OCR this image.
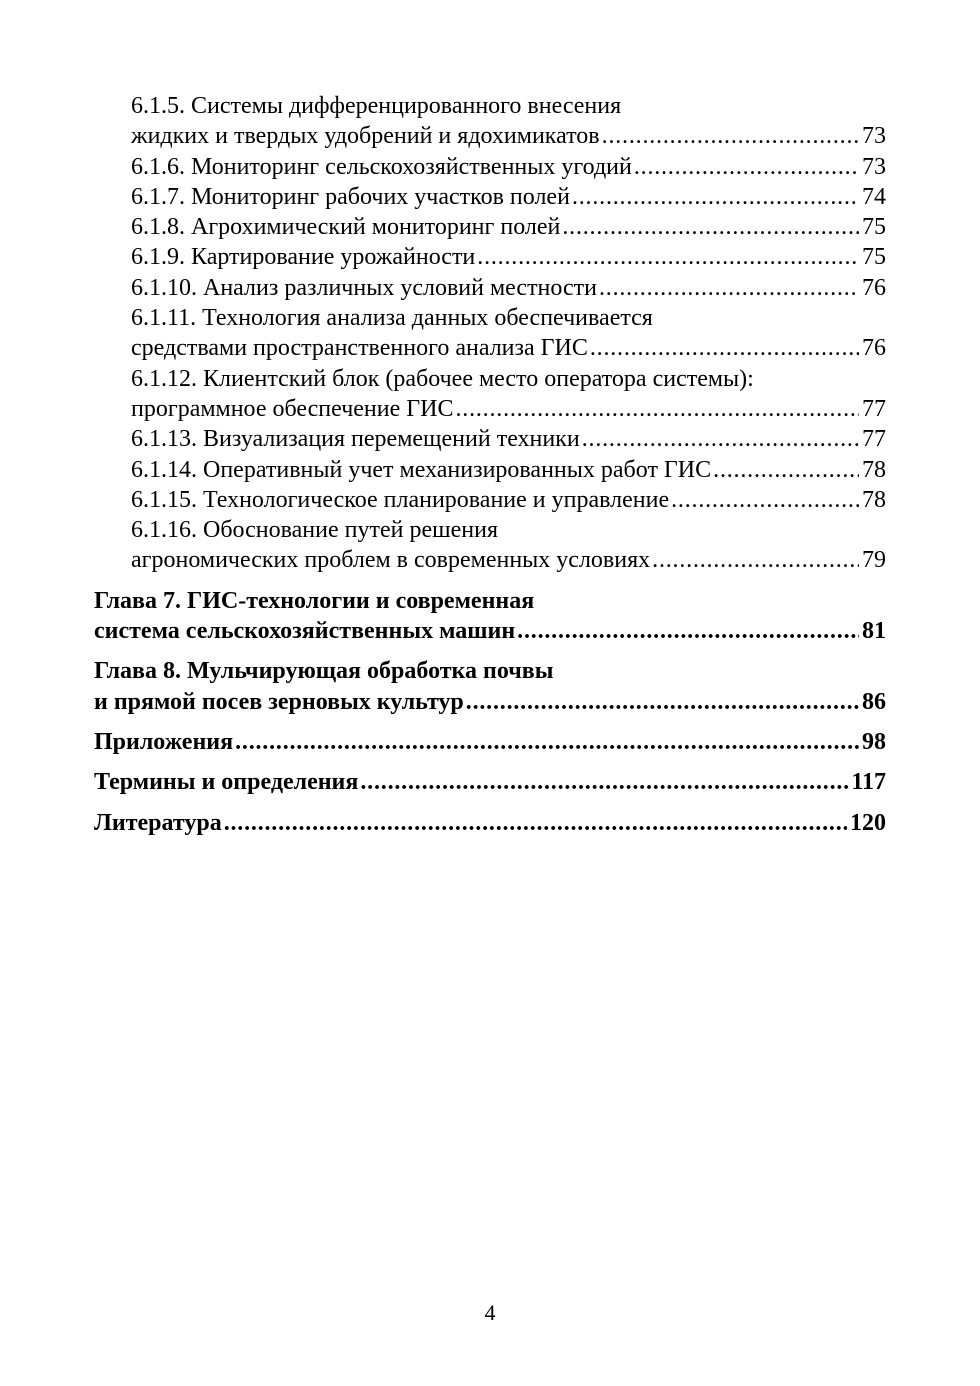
6.1.5. Системы дифференцированного внесения
жидких и твердых удобрений и ядохимикатов . . .	73
6.1.6. Мониторинг сельскохозяйственных угодий . . .	73
6.1.7. Мониторинг рабочих участков полей . . .	74
6.1.8. Агрохимический мониторинг полей . . .	75
6.1.9. Картирование урожайности . . .	75
6.1.10. Анализ различных условий местности . . .	76
6.1.11. Технология анализа данных обеспечивается
средствами пространственного анализа ГИС . . .	76
6.1.12. Клиентский блок (рабочее место оператора системы):
программное обеспечение ГИС . . .	77
6.1.13. Визуализация перемещений техники . . .	77
6.1.14. Оперативный учет механизированных работ ГИС . . .	78
6.1.15. Технологическое планирование и управление . . .	78
6.1.16. Обоснование путей решения
агрономических проблем в современных условиях . . .	79
Глава 7. ГИС-технологии и современная
система сельскохозяйственных машин . . .	81
Глава 8. Мульчирующая обработка почвы
и прямой посев зерновых культур . . .	86
Приложения . . .	98
Термины и определения . . .	117
Литература . . .	120
4
